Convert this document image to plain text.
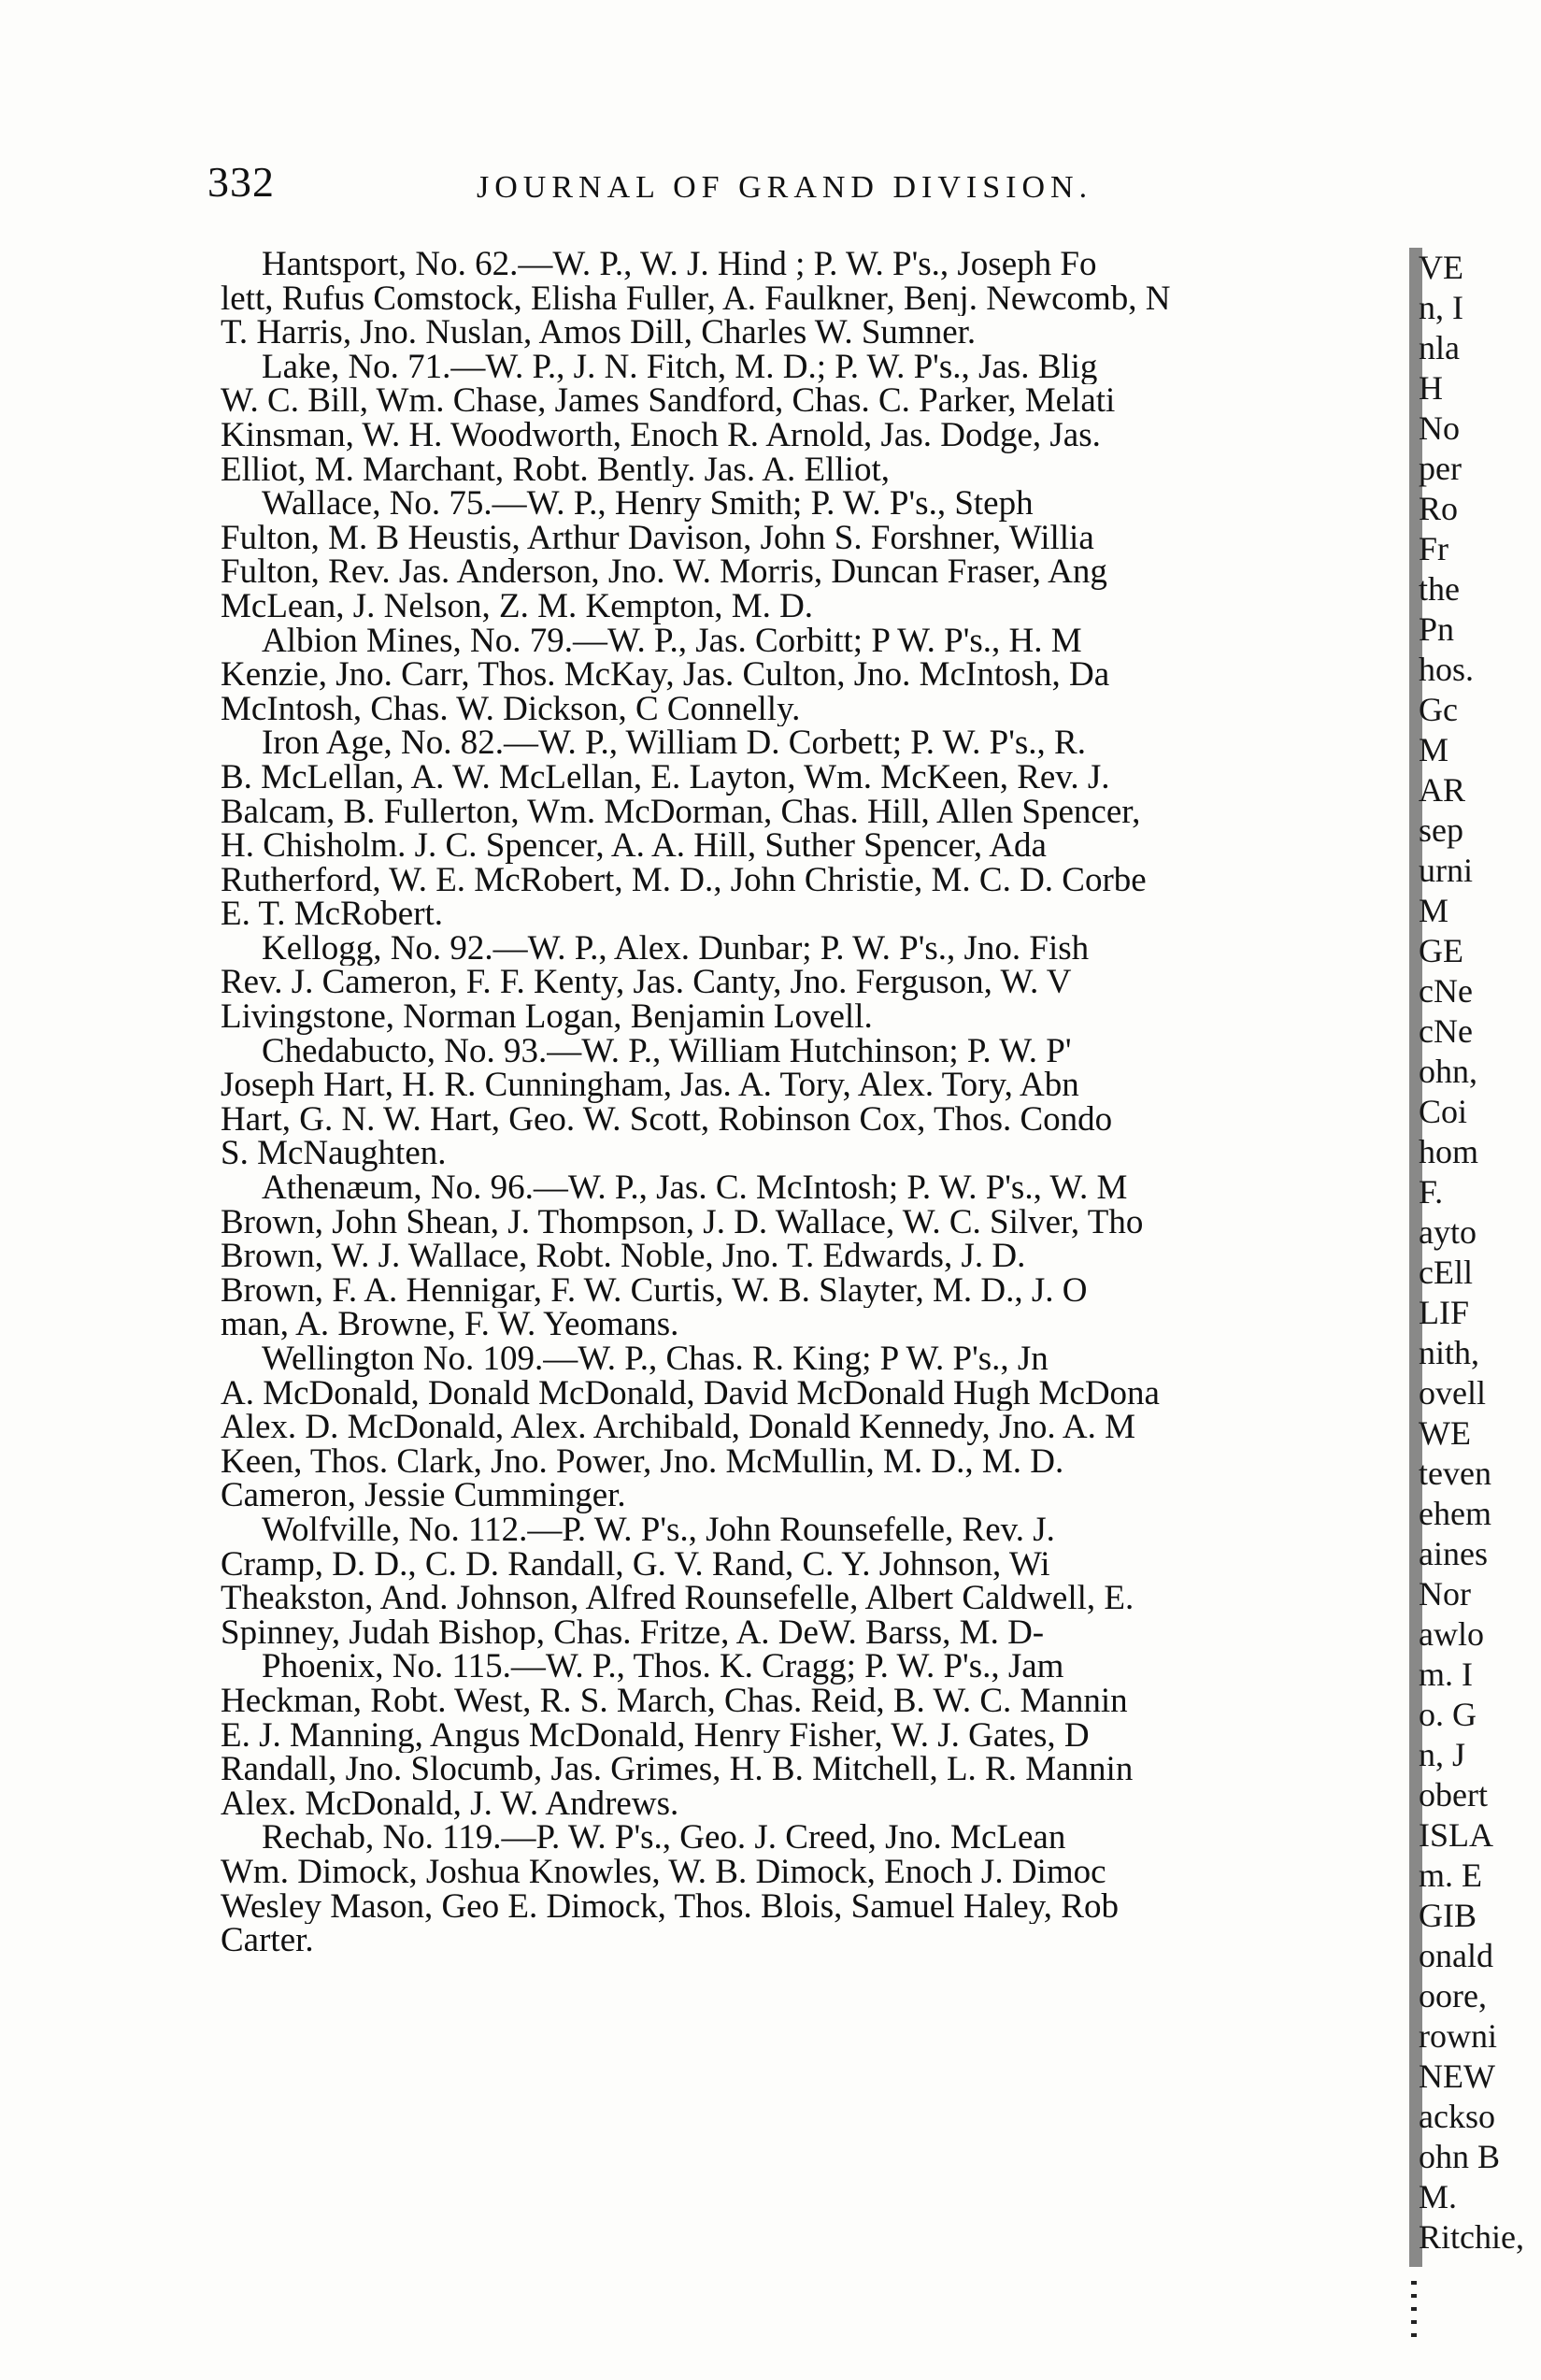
332	JOURNAL OF GRAND DIVISION.
Hantsport, No. 62.—W. P., W. J. Hind ; P. W. P's., Joseph Fo
lett, Rufus Comstock, Elisha Fuller, A. Faulkner, Benj. Newcomb, N
T. Harris, Jno. Nuslan, Amos Dill, Charles W. Sumner.
Lake, No. 71.—W. P., J. N. Fitch, M. D.; P. W. P's., Jas. Blig
W. C. Bill, Wm. Chase, James Sandford, Chas. C. Parker, Melati
Kinsman, W. H. Woodworth, Enoch R. Arnold, Jas. Dodge, Jas.
Elliot, M. Marchant, Robt. Bently. Jas. A. Elliot,
Wallace, No. 75.—W. P., Henry Smith; P. W. P's., Steph
Fulton, M. B Heustis, Arthur Davison, John S. Forshner, Willia
Fulton, Rev. Jas. Anderson, Jno. W. Morris, Duncan Fraser, Ang
McLean, J. Nelson, Z. M. Kempton, M. D.
Albion Mines, No. 79.—W. P., Jas. Corbitt; P W. P's., H. M
Kenzie, Jno. Carr, Thos. McKay, Jas. Culton, Jno. McIntosh, Da
McIntosh, Chas. W. Dickson, C Connelly.
Iron Age, No. 82.—W. P., William D. Corbett; P. W. P's., R.
B. McLellan, A. W. McLellan, E. Layton, Wm. McKeen, Rev. J.
Balcam, B. Fullerton, Wm. McDorman, Chas. Hill, Allen Spencer,
H. Chisholm. J. C. Spencer, A. A. Hill, Suther Spencer, Ada
Rutherford, W. E. McRobert, M. D., John Christie, M. C. D. Corbe
E. T. McRobert.
Kellogg, No. 92.—W. P., Alex. Dunbar; P. W. P's., Jno. Fish
Rev. J. Cameron, F. F. Kenty, Jas. Canty, Jno. Ferguson, W. V
Livingstone, Norman Logan, Benjamin Lovell.
Chedabucto, No. 93.—W. P., William Hutchinson; P. W. P'
Joseph Hart, H. R. Cunningham, Jas. A. Tory, Alex. Tory, Abn
Hart, G. N. W. Hart, Geo. W. Scott, Robinson Cox, Thos. Condo
S. McNaughten.
Athenæum, No. 96.—W. P., Jas. C. McIntosh; P. W. P's., W. M
Brown, John Shean, J. Thompson, J. D. Wallace, W. C. Silver, Tho
Brown, W. J. Wallace, Robt. Noble, Jno. T. Edwards, J. D.
Brown, F. A. Hennigar, F. W. Curtis, W. B. Slayter, M. D., J. O
man, A. Browne, F. W. Yeomans.
Wellington No. 109.—W. P., Chas. R. King; P W. P's., Jn
A. McDonald, Donald McDonald, David McDonald Hugh McDona
Alex. D. McDonald, Alex. Archibald, Donald Kennedy, Jno. A. M
Keen, Thos. Clark, Jno. Power, Jno. McMullin, M. D., M. D.
Cameron, Jessie Cumminger.
Wolfville, No. 112.—P. W. P's., John Rounsefelle, Rev. J.
Cramp, D. D., C. D. Randall, G. V. Rand, C. Y. Johnson, Wi
Theakston, And. Johnson, Alfred Rounsefelle, Albert Caldwell, E.
Spinney, Judah Bishop, Chas. Fritze, A. DeW. Barss, M. D-
Phoenix, No. 115.—W. P., Thos. K. Cragg; P. W. P's., Jam
Heckman, Robt. West, R. S. March, Chas. Reid, B. W. C. Mannin
E. J. Manning, Angus McDonald, Henry Fisher, W. J. Gates, D
Randall, Jno. Slocumb, Jas. Grimes, H. B. Mitchell, L. R. Mannin
Alex. McDonald, J. W. Andrews.
Rechab, No. 119.—P. W. P's., Geo. J. Creed, Jno. McLean
Wm. Dimock, Joshua Knowles, W. B. Dimock, Enoch J. Dimoc
Wesley Mason, Geo E. Dimock, Thos. Blois, Samuel Haley, Rob
Carter.
VE
n, I
nla
H
No
per
Ro
Fr
the
Pn
hos.
Gc
M
AR
sep
urni
M
GE
cNe
cNe
ohn,
Coi
hom
F.
ayto
cEll
LIF
nith,
ovell
WE
teven
ehem
aines
Nor
awlo
m. I
o. G
n, J
obert
ISLA
m. E
GIB
onald
oore,
rowni
NEW
ackso
ohn B
M.
Ritchie,
